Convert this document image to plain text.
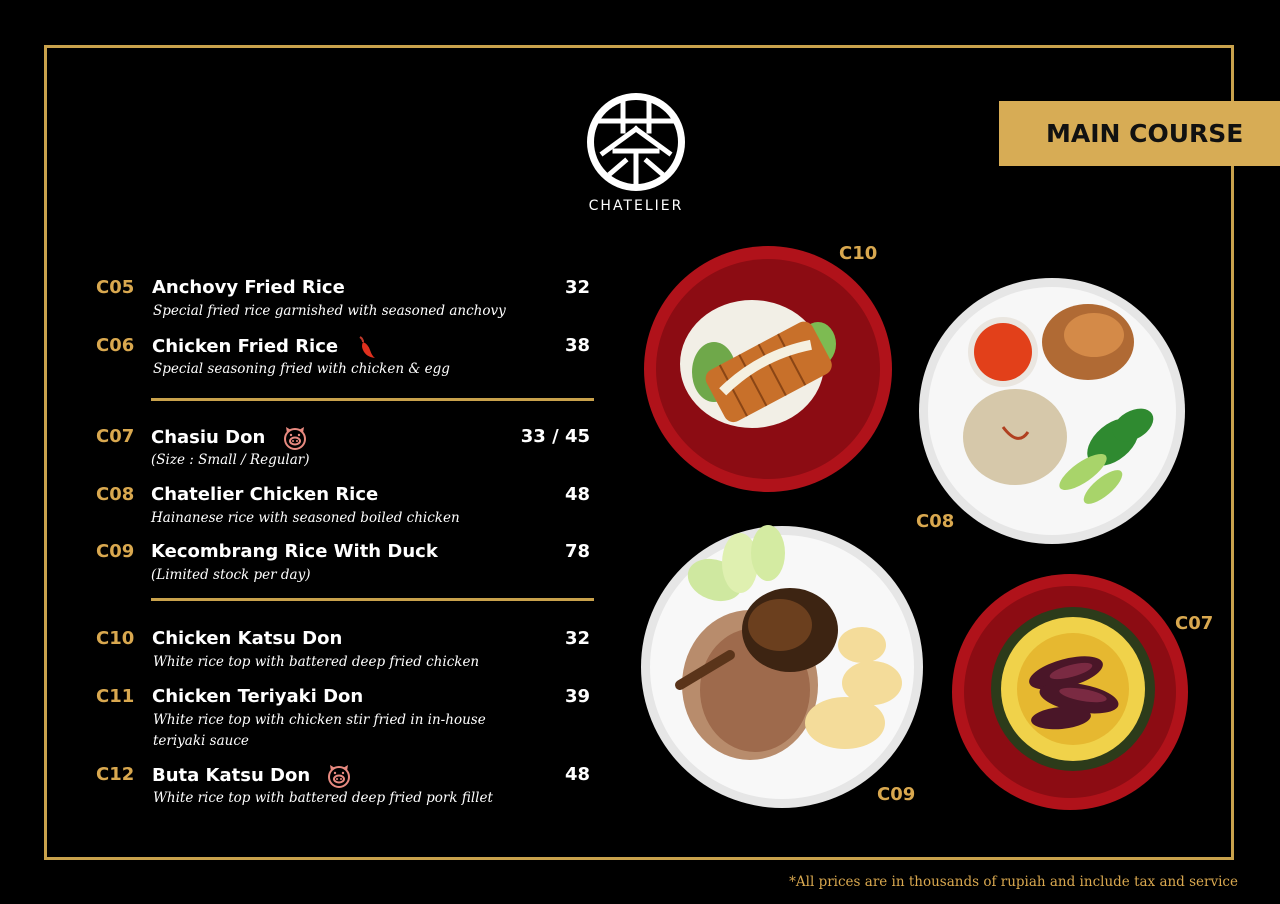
MAIN COURSE
CHATELIER
C05 Anchovy Fried Rice	32
Special fried rice garnished with seasoned anchovy
C06 Chicken Fried Rice	38
Special seasoning fried with chicken & egg
C07 Chasiu Don	33 / 45
(Size : Small / Regular)
C08 Chatelier Chicken Rice	48
Hainanese rice with seasoned boiled chicken
C09 Kecombrang Rice With Duck	78
(Limited stock per day)
C10 Chicken Katsu Don	32
White rice top with battered deep fried chicken
C11 Chicken Teriyaki Don	39
White rice top with chicken stir fried in in-house teriyaki sauce
C12 Buta Katsu Don	48
White rice top with battered deep fried pork fillet
C10
C08
C09
C07
*All prices are in thousands of rupiah and include tax and service
